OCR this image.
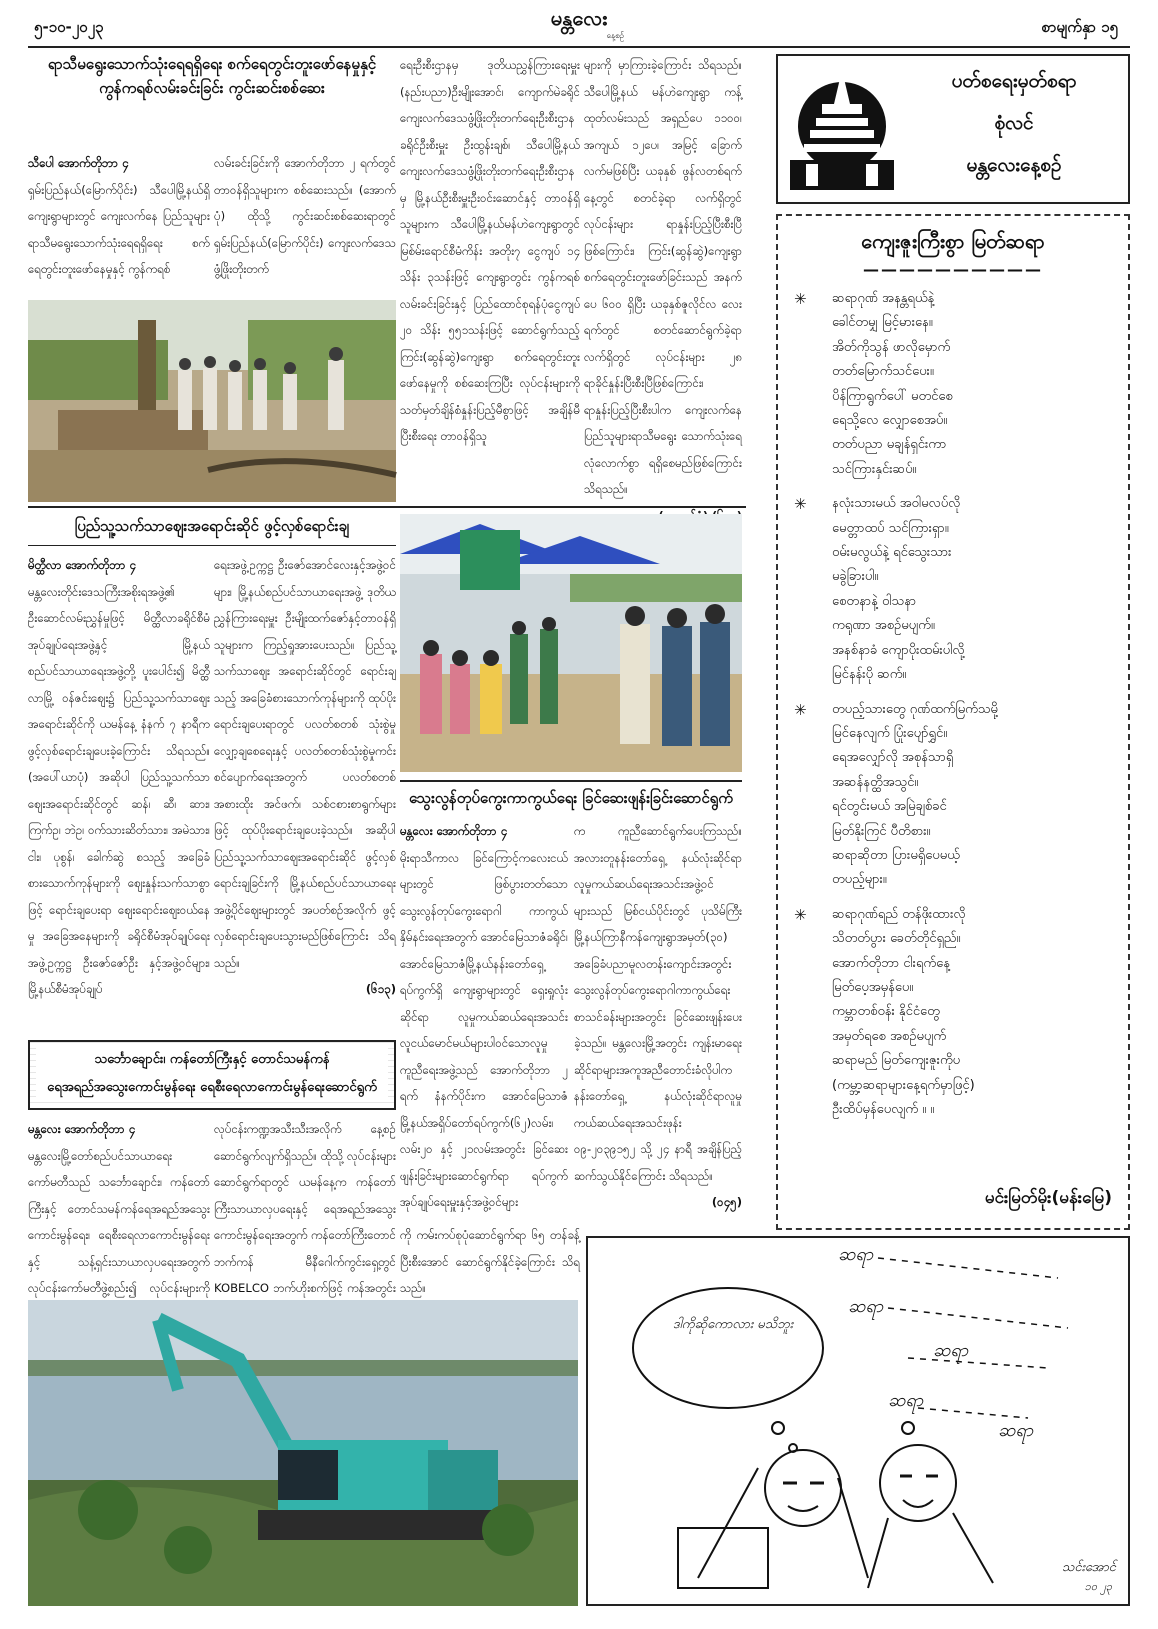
၅-၁၀-၂၀၂၃	မန္တလေး
နေ့စဉ်	စာမျက်နှာ ၁၅
ရာသီမရွေးသောက်သုံးရေရရှိရေး စက်ရေတွင်းတူးဖော်နေမှုနှင့်
ကွန်ကရစ်လမ်းခင်းခြင်း ကွင်းဆင်းစစ်ဆေး

သီပေါ အောက်တိုဘာ ၄

ရှမ်းပြည်နယ်(မြောက်ပိုင်း) သီပေါမြို့နယ်ရှိ ကျေးရွာများတွင် ကျေးလက်နေ ပြည်သူများ ရာသီမရွေးသောက်သုံးရေရရှိရေး စက်ရေတွင်းတူးဖော်နေမှုနှင့် ကွန်ကရစ်

လမ်းခင်းခြင်းကို အောက်တိုဘာ ၂ ရက်တွင် တာဝန်ရှိသူများက စစ်ဆေးသည်။ (အောက်ပုံ) ထိုသို့ ကွင်းဆင်းစစ်ဆေးရာတွင် ရှမ်းပြည်နယ်(မြောက်ပိုင်း) ကျေးလက်ဒေသဖွံ့ဖြိုးတိုးတက်

ရေးဦးစီးဌာနမှ ဒုတိယညွှန်ကြားရေးမှူး (နည်းပညာ)ဦးမျိုးအောင်၊ ကျောက်မဲခရိုင်ကျေးလက်ဒေသဖွံ့ဖြိုးတိုးတက်ရေးဦးစီးဌာန ခရိုင်ဦးစီးမှူး ဦးထွန်းချစ်၊ သီပေါမြို့နယ်ကျေးလက်ဒေသဖွံ့ဖြိုးတိုးတက်ရေးဦးစီးဌာနမှ မြို့နယ်ဦးစီးမှူးဦးဝင်းဆောင်နှင့် တာဝန်ရှိသူများက သီပေါမြို့နယ်မန်ဟဲကျေးရွာတွင် မြစ်မ်းရောင်စီမံကိန်း အတိုး၇ ငွေကျပ် ၁၄ သိန်း ၃သန်းဖြင့် ကျေးရွာတွင်း ကွန်ကရစ်လမ်းခင်းခြင်းနှင့် ပြည်ထောင်စုရန်ပုံငွေကျပ် ၂၀ သိန်း ၅၅၁သန်းဖြင့် ဆောင်ရွက်သည့် ကြင်း(ဆွန်ဆွဲ)ကျေးရွာ စက်ရေတွင်းတူးဖော်နေမှုကို စစ်ဆေးကြပြီး လုပ်ငန်းများကို သတ်မှတ်ချိန်စံနှုန်းပြည့်မီစွာဖြင့် အချိန်မီပြီးစီးရေး တာဝန်ရှိသူ

များကို မှာကြားခဲ့ကြောင်း သိရသည်။ သီပေါမြို့နယ် မန်ဟဲကျေးရွာ ကန့်ထုတ်လမ်းသည် အရှည်ပေ ၁၁၀၀၊ အကျယ် ၁၂ပေ၊ အမြင့် ခြောက်လက်မဖြစ်ပြီး ယခုနှစ် ဖွန်လတစ်ရက်နေ့တွင် စတင်ခဲ့ရာ လက်ရှိတွင် လုပ်ငန်းများ ရာနှုန်းပြည့်ပြီးစီးပြီဖြစ်ကြောင်း၊ ကြင်း(ဆွန်ဆွဲ)ကျေးရွာ စက်ရေတွင်းတူးဖော်ခြင်းသည် အနက်ပေ ၆၀၀ ရှိပြီး ယခုနှစ်ဇူလိုင်လ လေးရက်တွင် စတင်ဆောင်ရွက်ခဲ့ရာ လက်ရှိတွင် လုပ်ငန်းများ ၂၈ ရာခိုင်နှုန်းပြီးစီးပြီဖြစ်ကြောင်း၊ ရာနှုန်းပြည့်ပြီးစီးပါက ကျေးလက်နေပြည်သူများရာသီမရွေး သောက်သုံးရေလုံလောက်စွာ ရရှိစေမည်ဖြစ်ကြောင်း သိရသည်။

ပြည်သူ့သက်သာဈေးအရောင်းဆိုင် ဖွင့်လှစ်ရောင်းချ

မိတ္ထီလာ အောက်တိုဘာ ၄

မန္တလေးတိုင်းဒေသကြီးအစိုးရအဖွဲ့၏ ဦးဆောင်လမ်းညွှန်မှုဖြင့် မိတ္ထီလာခရိုင်စီမံအုပ်ချုပ်ရေးအဖွဲ့နှင့် မြို့နယ်စည်ပင်သာယာရေးအဖွဲ့တို့ ပူးပေါင်း၍ မိတ္ထီလာမြို့ ဝန်ဇင်းဈေး၌ ပြည်သူ့သက်သာဈေးအရောင်းဆိုင်ကို ယမန်နေ့ နံနက် ၇ နာရီက ဖွင့်လှစ်ရောင်းချပေးခဲ့ကြောင်း သိရသည်။ (အပေါ်ယာပုံ) အဆိုပါ ပြည်သူ့သက်သာဈေးအရောင်းဆိုင်တွင် ဆန်၊ ဆီ၊ ဆား၊ ကြက်ဥ၊ ဘဲဥ၊ ဝက်သားဆိတ်သား၊ အမဲသား၊ ငါး၊ ပုစွန်၊ ခေါက်ဆွဲ စသည့် အခြေခံစားသောက်ကုန်များကို ဈေးနှုန်းသက်သာစွာဖြင့် ရောင်းချပေးရာ ဈေးရောင်းဈေးဝယ်နေမှု အခြေအနေများကို ခရိုင်စီမံအုပ်ချုပ်ရေးအဖွဲ့ဥက္ကဋ္ဌ ဦးဇော်ဇော်ဦး နှင့်အဖွဲ့ဝင်များ၊ မြို့နယ်စီမံအုပ်ချုပ်

ရေးအဖွဲ့ဥက္ကဋ္ဌ ဦးဇော်အောင်လေးနှင့်အဖွဲ့ဝင်များ၊ မြို့နယ်စည်ပင်သာယာရေးအဖွဲ့ ဒုတိယညွှန်ကြားရေးမှူး ဦးမျိုးထက်ဇော်နှင့်တာဝန်ရှိသူများက ကြည့်ရှုအားပေးသည်။ ပြည်သူ့သက်သာဈေး အရောင်းဆိုင်တွင် ရောင်းချသည့် အခြေခံစားသောက်ကုန်များကို ထုပ်ပိုးရောင်းချပေးရာတွင် ပလတ်စတစ် သုံးစွဲမှုလျှော့ချစေရေးနှင့် ပလတ်စတစ်သုံးစွဲမှုကင်းစင်ပျောက်ရေးအတွက် ပလတ်စတစ်အစားထိုး အင်ဖက်၊ သစ်ငစားစာရွက်များဖြင့် ထုပ်ပိုးရောင်းချပေးခဲ့သည်။ အဆိုပါ ပြည်သူ့သက်သာဈေးအရောင်းဆိုင် ဖွင့်လှစ်ရောင်းချခြင်းကို မြို့နယ်စည်ပင်သာယာရေးအဖွဲ့ပိုင်ဈေးများတွင် အပတ်စဉ်အလိုက် ဖွင့်လှစ်ရောင်းချပေးသွားမည်ဖြစ်ကြောင်း သိရသည်။

(၆၁၃)

သွေးလွန်တုပ်ကွေးကာကွယ်ရေး ခြင်ဆေးဖျန်းခြင်းဆောင်ရွက်

မန္တလေး အောက်တိုဘာ ၄

မိုးရာသီကာလ ခြင်ကြောင့်ကလေးငယ်များတွင် ဖြစ်ပွားတတ်သော သွေးလွန်တုပ်ကွေးရောဂါ ကာကွယ်နှိမ်နင်းရေးအတွက် အောင်မြေသာဇံခရိုင်၊ အောင်မြေသာဇံမြို့နယ်နန်းတော်ရှေ့ရပ်ကွက်ရှိ ကျေးရွာများတွင် ရှေးရှုလုံးဆိုင်ရာ လူမှုကယ်ဆယ်ရေးအသင်း လူငယ်မောင်မယ်များပါဝင်သောလူမှုကူညီရေးအဖွဲ့သည် အောက်တိုဘာ ၂ ရက် နံနက်ပိုင်းက အောင်မြေသာဇံမြို့နယ်အရှိပ်တော်ရပ်ကွက်(၆၂)လမ်း၊ လမ်း၂၀ နှင့် ၂၁လမ်းအတွင်း ခြင်ဆေးဖျန်းခြင်းများဆောင်ရွက်ရာ ရပ်ကွက်အုပ်ချုပ်ရေးမှူးနှင့်အဖွဲ့ဝင်များ

က ကူညီဆောင်ရွက်ပေးကြသည်။ အလားတူနန်းတော်ရှေ့ နယ်လုံးဆိုင်ရာ လူမှုကယ်ဆယ်ရေးအသင်းအဖွဲ့ဝင်များသည် မြစ်ငယ်ပိုင်းတွင် ပုသိမ်ကြီးမြို့နယ်ကြာနီကန်ကျေးရွာအမှတ်(၃၀) အခြေခံပညာမူလတန်းကျောင်းအတွင်း သွေးလွန်တုပ်ကွေးရောဂါကာကွယ်ရေးစာသင်ခန်းများအတွင်း ခြင်ဆေးဖျန်းပေးခဲ့သည်။ မန္တလေးမြို့အတွင်း ကျန်းမာရေးဆိုင်ရာများအကူအညီတောင်းခံလိုပါက နန်းတော်ရှေ့ နယ်လုံးဆိုင်ရာလူမှုကယ်ဆယ်ရေးအသင်းဖုန်း ၀၉-၂၀၃၉၁၅၂ သို့ ၂၄ နာရီ အချိန်ပြည့် ဆက်သွယ်နိုင်ကြောင်း သိရသည်။

(၀၄၅)

သင်္ဘောချောင်း၊ ကန်တော်ကြီးနှင့် တောင်သမန်ကန်
ရေအရည်အသွေးကောင်းမွန်ရေး ရေစီးရေလာကောင်းမွန်ရေးဆောင်ရွက်

မန္တလေး အောက်တိုဘာ ၄

မန္တလေးမြို့တော်စည်ပင်သာယာရေးကော်မတီသည် သင်္ဘောချောင်း၊ ကန်တော်ကြီးနှင့် တောင်သမန်ကန်ရေအရည်အသွေးကောင်းမွန်ရေး၊ ရေစီးရေလာကောင်းမွန်ရေးနှင့် သန့်ရှင်းသာယာလှပရေးအတွက် လုပ်ငန်းကော်မတီဖွဲ့စည်း၍ လုပ်ငန်းများကို

လုပ်ငန်းကဏ္ဍအသီးသီးအလိုက် နေ့စဉ်ဆောင်ရွက်လျက်ရှိသည်။ ထိုသို့ လုပ်ငန်းများဆောင်ရွက်ရာတွင် ယမန်နေ့က ကန်တော်ကြီးသာယာလှပရေးနှင့် ရေအရည်အသွေးကောင်းမွန်ရေးအတွက် ကန်တော်ကြီးတောင်ဘက်ကန် မီနီဂေါက်ကွင်းရှေ့တွင် KOBELCO ဘက်ဟိုးစက်ဖြင့် ကန်အတွင်း

ကို ကမ်းကပ်စုပုံဆောင်ရွက်ရာ ၆၅ တန်ခန့်ပြီးစီးအောင် ဆောင်ရွက်နိုင်ခဲ့ကြောင်း သိရသည်။

ပတ်စရေးမှတ်စရာ
စုံလင်
မန္တလေးနေ့စဉ်
ကျေးဇူးကြီးစွာ မြတ်ဆရာ
——————————
✳ ဆရာဂုဏ် အနန္တရယ်နဲ့
ခေါင်တမျှ မြင့်မားနေ။
အိတ်ကိုသွန် ဖာလိုမှောက်
တတ်မြောက်သင်ပေး။
ပိန်ကြာရွက်ပေါ် မတင်စေ
ရေသို့လေ လျှောစေအပ်။
တတ်ပညာ မချန်ရှင်းကာ
သင်ကြားနှင်းဆပ်။
✳ နလုံးသားမယ် အဝါမလပ်လို
မေတ္တာထပ် သင်ကြားရှာ။
ဝမ်းမလွယ်နဲ့ ရင်သွေးသား
မခွဲခြားပါ။
စေတနာနဲ့ ဝါသနာ
ကရုဏာ အစဉ်မပျက်။
အနစ်နာခံ ကျောပိုးထမ်းပါလို့
မြင်နန်းပို ဆက်။
✳ တပည့်သားတွေ ဂုဏ်ထက်မြက်သမို့
မြင်နေလျက် ပြုံးပျော်ရွှင်။
ရေအလျှော်လို အစုန်သာရှိ
အဆန်နတ္ထိအသွင်။
ရင်တွင်းမယ် အမြဲချစ်ခင်
မြတ်နိုးကြင် ပီတိစား။
ဆရာဆိုတာ ပြားမရှိပေမယ့်
တပည့်များ။
✳ ဆရာဂုဏ်ရည် တန်ဖိုးထားလို
သိတတ်ပွား ခေတ်တိုင်ရှည်။
အောက်တိုဘာ ငါးရက်နေ့
မြတ်ပေ့အမှန်ပေ။
ကမ္ဘာတစ်ဝန်း နိုင်ငံတွေ
အမှတ်ရစေ အစဉ်မပျက်
ဆရာမည် မြတ်ကျေးဇူးကိုပ
(ကမ္ဘာ့ဆရာများနေ့ရက်မှာဖြင့်)
ဦးထိပ်မှန်ပေလျက် ။ ။
မင်းမြတ်မိုး(မန်းမြေ)
ဒါကိုဆိုကောလား မသိဘူး
ဆရာ
ဆရာ
ဆရာ
ဆရာ
ဆရာ
သင်းအောင်
၁၀ ၂၃
